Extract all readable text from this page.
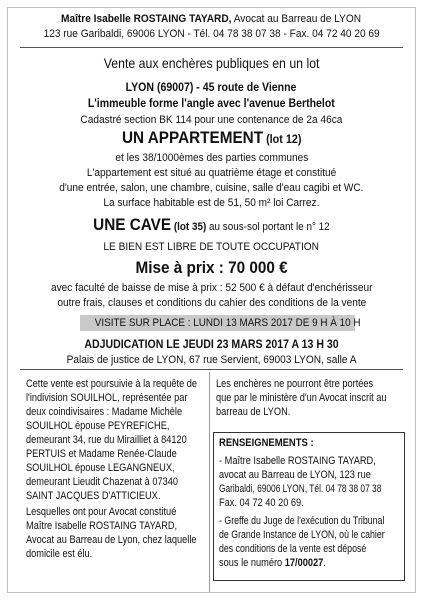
Maître Isabelle ROSTAING TAYARD, Avocat au Barreau de LYON
123 rue Garibaldi, 69006 LYON - Tél. 04 78 38 07 38 - Fax. 04 72 40 20 69
Vente aux enchères publiques en un lot
LYON (69007) - 45 route de Vienne
L'immeuble forme l'angle avec l'avenue Berthelot
Cadastré section BK 114 pour une contenance de 2a 46ca
UN APPARTEMENT (lot 12)
et les 38/1000èmes des parties communes
L'appartement est situé au quatrième étage et constitué
d'une entrée, salon, une chambre, cuisine, salle d'eau cagibi et WC.
La surface habitable est de 51, 50 m² loi Carrez.
UNE CAVE (lot 35) au sous-sol portant le n° 12
LE BIEN EST LIBRE DE TOUTE OCCUPATION
Mise à prix : 70 000 €
avec faculté de baisse de mise à prix : 52 500 € à défaut d'enchérisseur
outre frais, clauses et conditions du cahier des conditions de la vente
VISITE SUR PLACE : LUNDI 13 MARS 2017 DE 9 H À 10 H
ADJUDICATION LE JEUDI 23 MARS 2017 A 13 H 30
Palais de justice de LYON, 67 rue Servient, 69003 LYON, salle A
Cette vente est poursuivie à la requête de
l'indivision SOUILHOL, représentée par
deux coindivisaires : Madame Michèle
SOUILHOL épouse PEYREFICHE,
demeurant 34, rue du Mirailliet à 84120
PERTUIS et Madame Renée-Claude
SOUILHOL épouse LEGANGNEUX,
demeurant Lieudit Chazenat à 07340
SAINT JACQUES D'ATTICIEUX.
Lesquelles ont pour Avocat constitué
Maître Isabelle ROSTAING TAYARD,
Avocat au Barreau de Lyon, chez laquelle
domicile est élu.
Les enchères ne pourront être portées
que par le ministère d'un Avocat inscrit au
barreau de LYON.
RENSEIGNEMENTS :
- Maître Isabelle ROSTAING TAYARD,
avocat au Barreau de LYON, 123 rue
Garibaldi, 69006 LYON, Tél. 04 78 38 07 38
Fax. 04 72 40 20 69.
- Greffe du Juge de l'exécution du Tribunal
de Grande Instance de LYON, où le cahier
des conditions de la vente est déposé
sous le numéro 17/00027.
